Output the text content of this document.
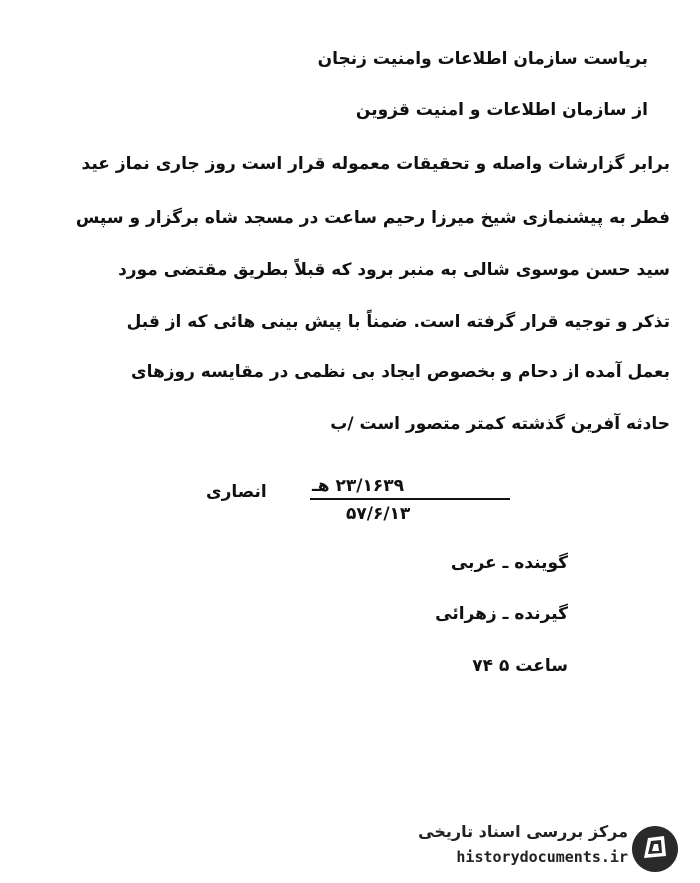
بریاست سازمان اطلاعات وامنیت زنجان
از سازمان اطلاعات و امنیت قزوین
برابر گزارشات واصله و تحقیقات معموله قرار است روز جاری نماز عید
فطر به پیشنمازی شیخ میرزا رحیم ساعت در مسجد شاه برگزار و سپس
سید حسن موسوی شالی به منبر برود که قبلاً بطریق مقتضی مورد
تذکر و توجیه قرار گرفته است. ضمناً با پیش بینی هائی که از قبل
بعمل آمده از دحام و بخصوص ایجاد بی نظمی در مقایسه روزهای
حادثه آفرین گذشته کمتر متصور است /ب
۲۳/۱۶۳۹ هـ
۵۷/۶/۱۳
انصاری
گوینده ـ عربی
گیرنده ـ زهرائی
ساعت ۵ ۷۴
مرکز بررسی اسناد تاریخی
historydocuments.ir
